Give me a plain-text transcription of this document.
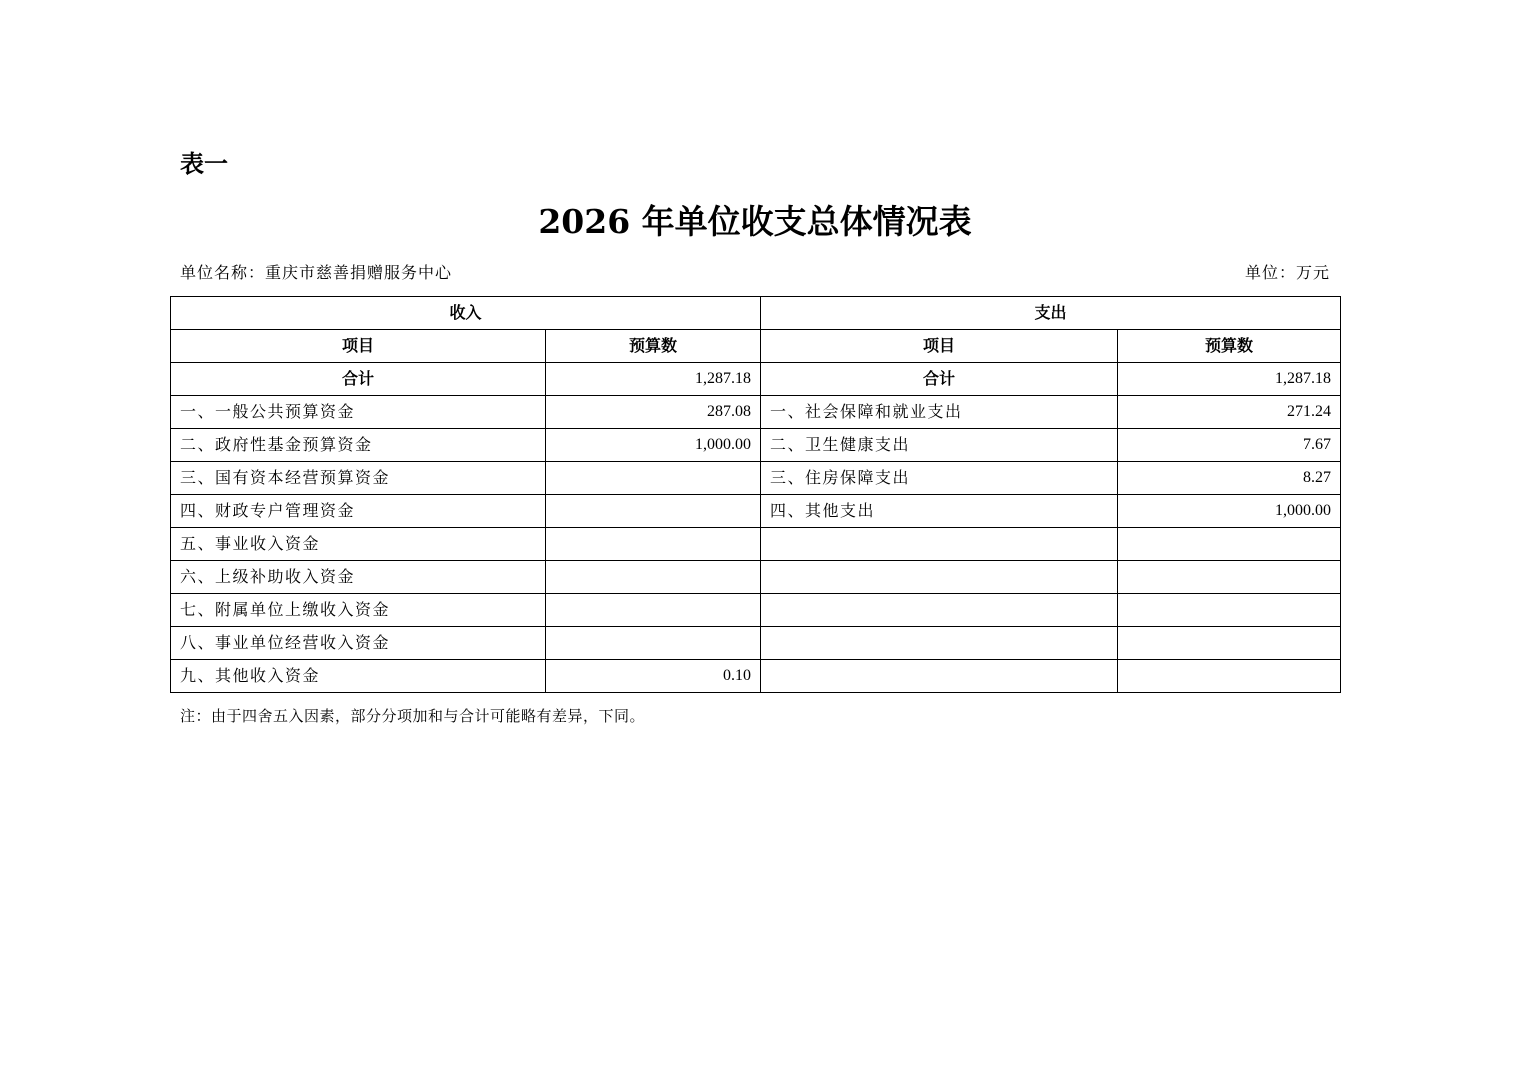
表一
2026 年单位收支总体情况表
单位名称：重庆市慈善捐赠服务中心	单位：万元
收入		支出	
项目	预算数	项目	预算数
合计	1,287.18	合计	1,287.18
一、一般公共预算资金	287.08	一、社会保障和就业支出	271.24
二、政府性基金预算资金	1,000.00	二、卫生健康支出	7.67
三、国有资本经营预算资金		三、住房保障支出	8.27
四、财政专户管理资金		四、其他支出	1,000.00
五、事业收入资金			
六、上级补助收入资金			
七、附属单位上缴收入资金			
八、事业单位经营收入资金			
九、其他收入资金	0.10		
注：由于四舍五入因素，部分分项加和与合计可能略有差异，下同。
